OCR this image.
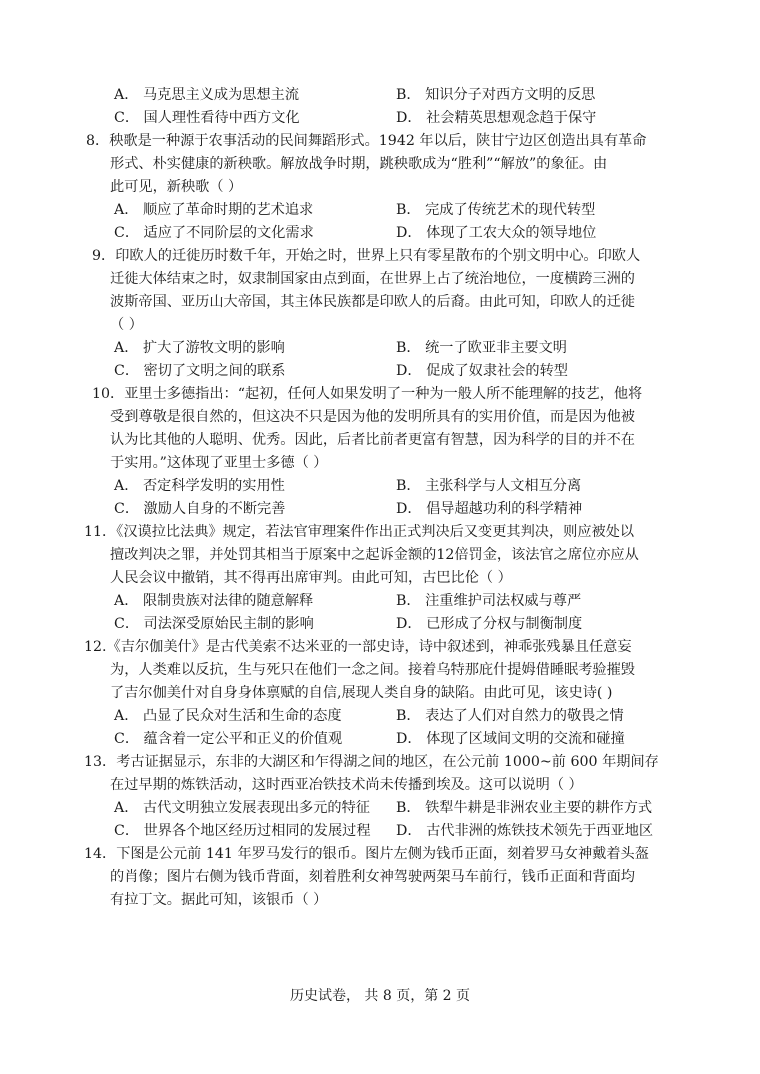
A． 马克思主义成为思想主流	B． 知识分子对西方文明的反思
C． 国人理性看待中西方文化	D． 社会精英思想观念趋于保守
8．秧歌是一种源于农事活动的民间舞蹈形式。1942 年以后，陕甘宁边区创造出具有革命
形式、朴实健康的新秧歌。解放战争时期，跳秧歌成为“胜利”“解放”的象征。由
此可见，新秧歌（ ）
A． 顺应了革命时期的艺术追求	B． 完成了传统艺术的现代转型
C． 适应了不同阶层的文化需求	D． 体现了工农大众的领导地位
9．印欧人的迁徙历时数千年，开始之时，世界上只有零星散布的个别文明中心。印欧人
迁徙大体结束之时，奴隶制国家由点到面，在世界上占了统治地位，一度横跨三洲的
波斯帝国、亚历山大帝国，其主体民族都是印欧人的后裔。由此可知，印欧人的迁徙
（ ）
A． 扩大了游牧文明的影响	B． 统一了欧亚非主要文明
C． 密切了文明之间的联系	D． 促成了奴隶社会的转型
10．亚里士多德指出：“起初，任何人如果发明了一种为一般人所不能理解的技艺，他将
受到尊敬是很自然的，但这决不只是因为他的发明所具有的实用价值，而是因为他被
认为比其他的人聪明、优秀。因此，后者比前者更富有智慧，因为科学的目的并不在
于实用。”这体现了亚里士多德（ ）
A． 否定科学发明的实用性	B． 主张科学与人文相互分离
C． 激励人自身的不断完善	D． 倡导超越功利的科学精神
11．《汉谟拉比法典》规定，若法官审理案件作出正式判决后又变更其判决，则应被处以
擅改判决之罪，并处罚其相当于原案中之起诉金额的12倍罚金，该法官之席位亦应从
人民会议中撤销，其不得再出席审判。由此可知，古巴比伦（ ）
A． 限制贵族对法律的随意解释	B． 注重维护司法权威与尊严
C． 司法深受原始民主制的影响	D． 已形成了分权与制衡制度
12.《吉尔伽美什》是古代美索不达米亚的一部史诗，诗中叙述到，神乖张残暴且任意妄
为，人类难以反抗，生与死只在他们一念之间。接着乌特那庇什提姆借睡眠考验摧毁
了吉尔伽美什对自身身体禀赋的自信,展现人类自身的缺陷。由此可见，该史诗( )
A． 凸显了民众对生活和生命的态度	B． 表达了人们对自然力的敬畏之情
C． 蕴含着一定公平和正义的价值观	D． 体现了区域间文明的交流和碰撞
13．考古证据显示，东非的大湖区和乍得湖之间的地区，在公元前 1000~前 600 年期间存
在过早期的炼铁活动，这时西亚冶铁技术尚未传播到埃及。这可以说明（ ）
A． 古代文明独立发展表现出多元的特征 B． 铁犁牛耕是非洲农业主要的耕作方式
C． 世界各个地区经历过相同的发展过程 D． 古代非洲的炼铁技术领先于西亚地区
14．下图是公元前 141 年罗马发行的银币。图片左侧为钱币正面，刻着罗马女神戴着头盔
的肖像；图片右侧为钱币背面，刻着胜利女神驾驶两架马车前行，钱币正面和背面均
有拉丁文。据此可知，该银币（ ）
历史试卷， 共 8 页，第 2 页
